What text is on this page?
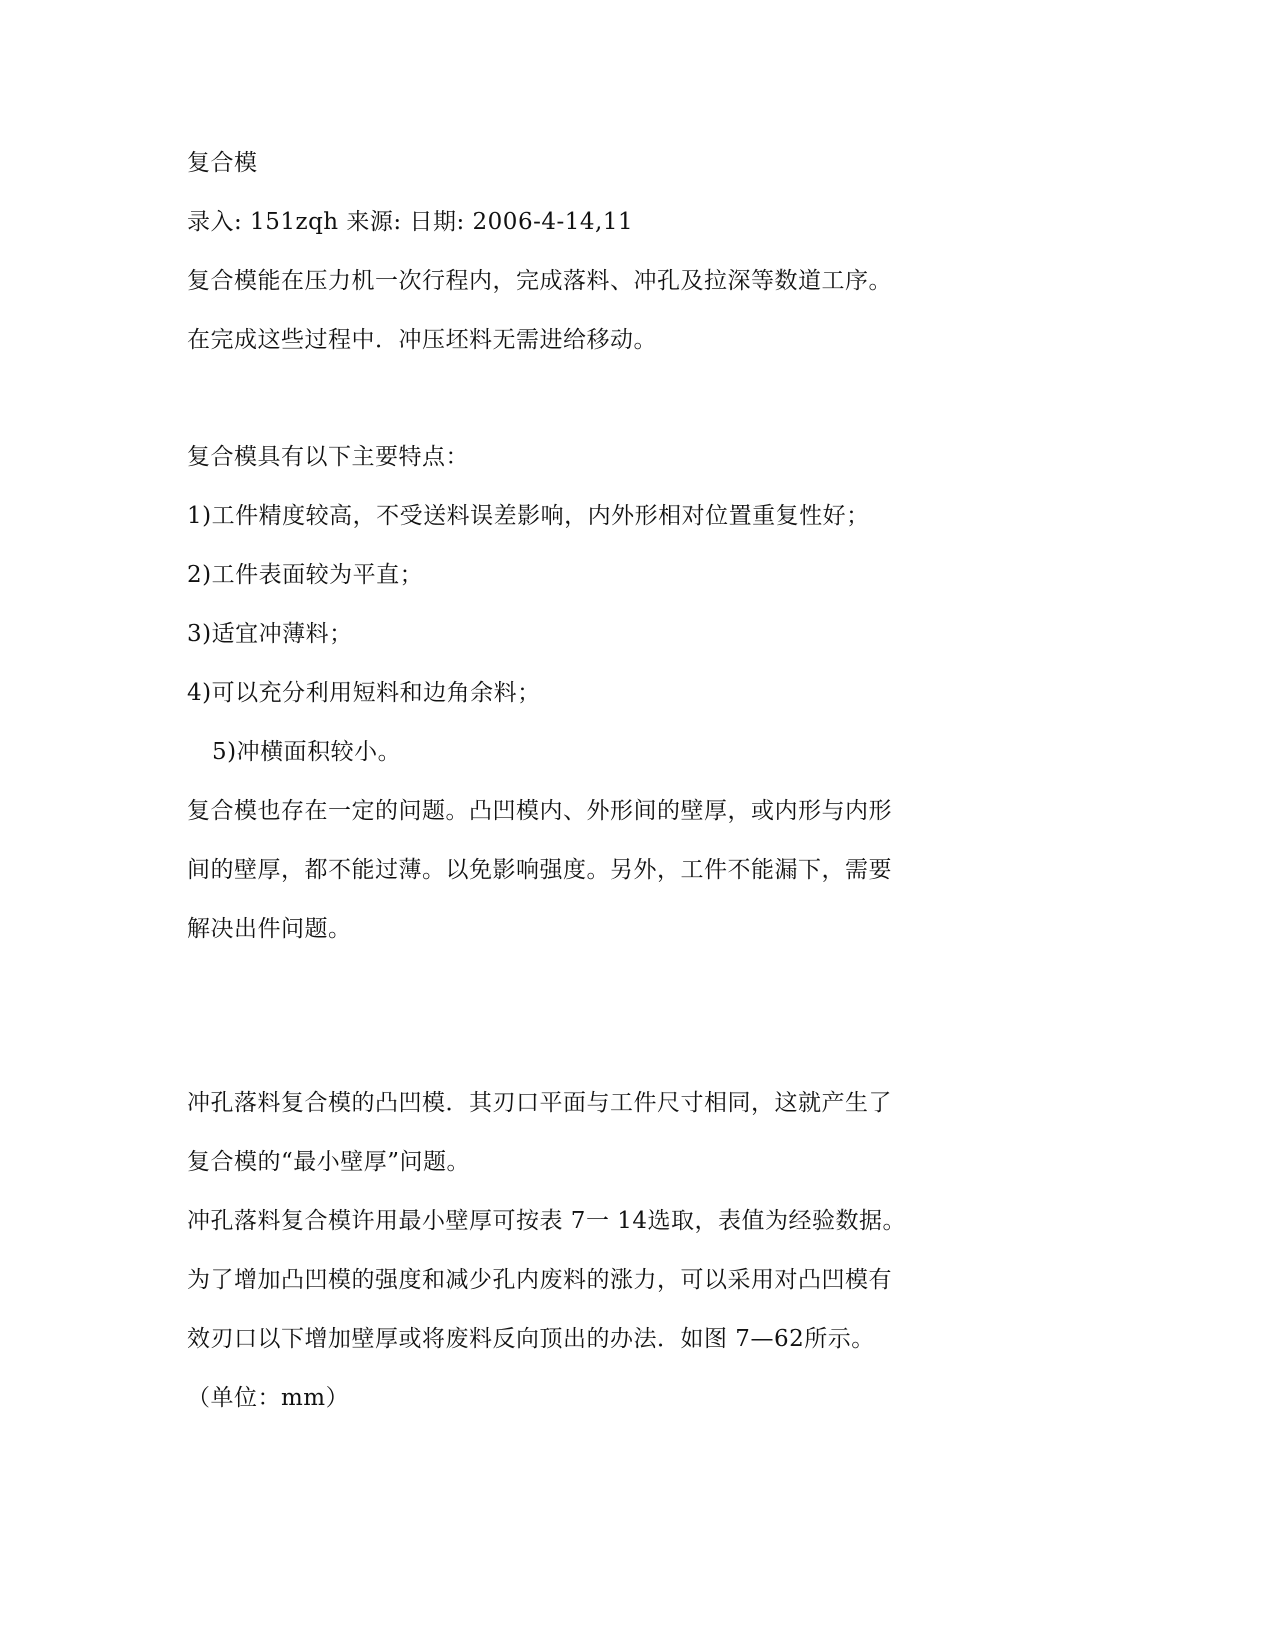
复合模
录入: 151zqh 来源: 日期: 2006-4-14,11
复合模能在压力机一次行程内，完成落料、冲孔及拉深等数道工序。
在完成这些过程中．冲压坯料无需进给移动。
复合模具有以下主要特点：
1)工件精度较高，不受送料误差影响，内外形相对位置重复性好；
2)工件表面较为平直；
3)适宜冲薄料；
4)可以充分利用短料和边角余料；
5)冲横面积较小。
复合模也存在一定的问题。凸凹模内、外形间的壁厚，或内形与内形
间的壁厚，都不能过薄。以免影响强度。另外，工件不能漏下，需要
解决出件问题。
冲孔落料复合模的凸凹模．其刃口平面与工件尺寸相同，这就产生了
复合模的“最小壁厚”问题。
冲孔落料复合模许用最小壁厚可按表 7一 14选取，表值为经验数据。
为了增加凸凹模的强度和减少孔内废料的涨力，可以采用对凸凹模有
效刃口以下增加壁厚或将废料反向顶出的办法．如图 7—62所示。
（单位：mm）
